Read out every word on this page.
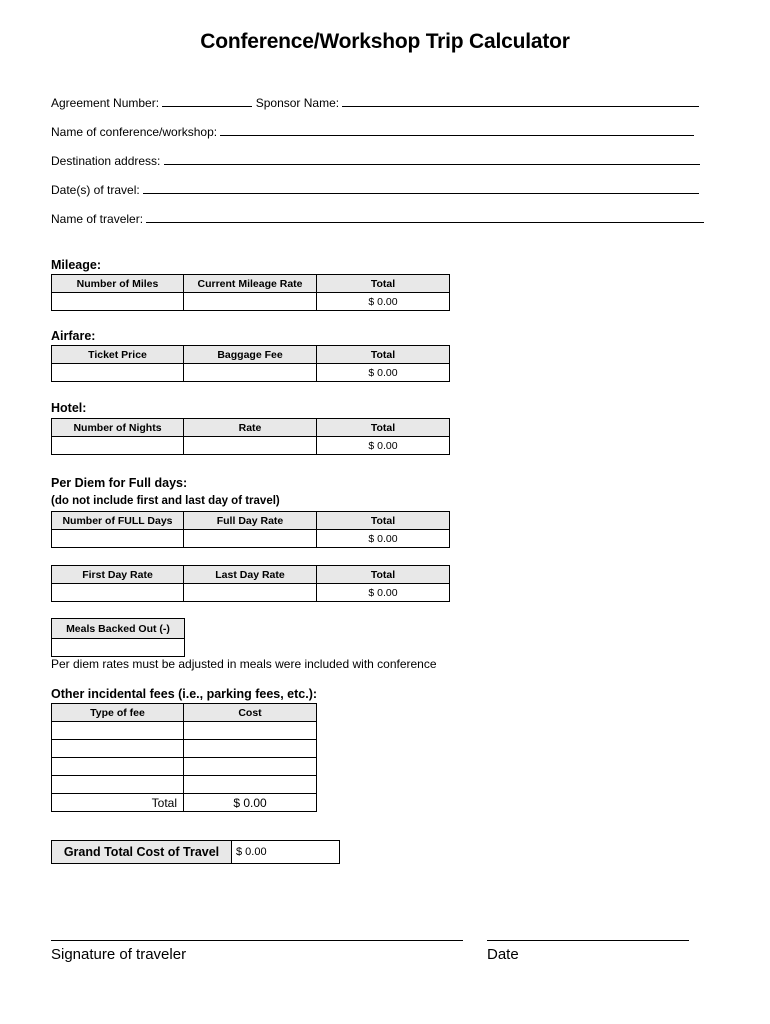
Conference/Workshop Trip Calculator
Agreement Number:	Sponsor Name:
Name of conference/workshop:
Destination address:
Date(s) of travel:
Name of traveler:
Mileage:
Number of Miles	Current Mileage Rate	Total
		$ 0.00
Airfare:
Ticket Price	Baggage Fee	Total
		$ 0.00
Hotel:
Number of Nights	Rate	Total
		$ 0.00
Per Diem for Full days:
(do not include first and last day of travel)
Number of FULL Days	Full Day Rate	Total
		$ 0.00
First Day Rate	Last Day Rate	Total
		$ 0.00
Meals Backed Out (-)

Per diem rates must be adjusted in meals were included with conference
Other incidental fees (i.e., parking fees, etc.):
Type of fee	Cost

Total	$ 0.00
Grand Total Cost of Travel	$ 0.00
Signature of traveler	Date
